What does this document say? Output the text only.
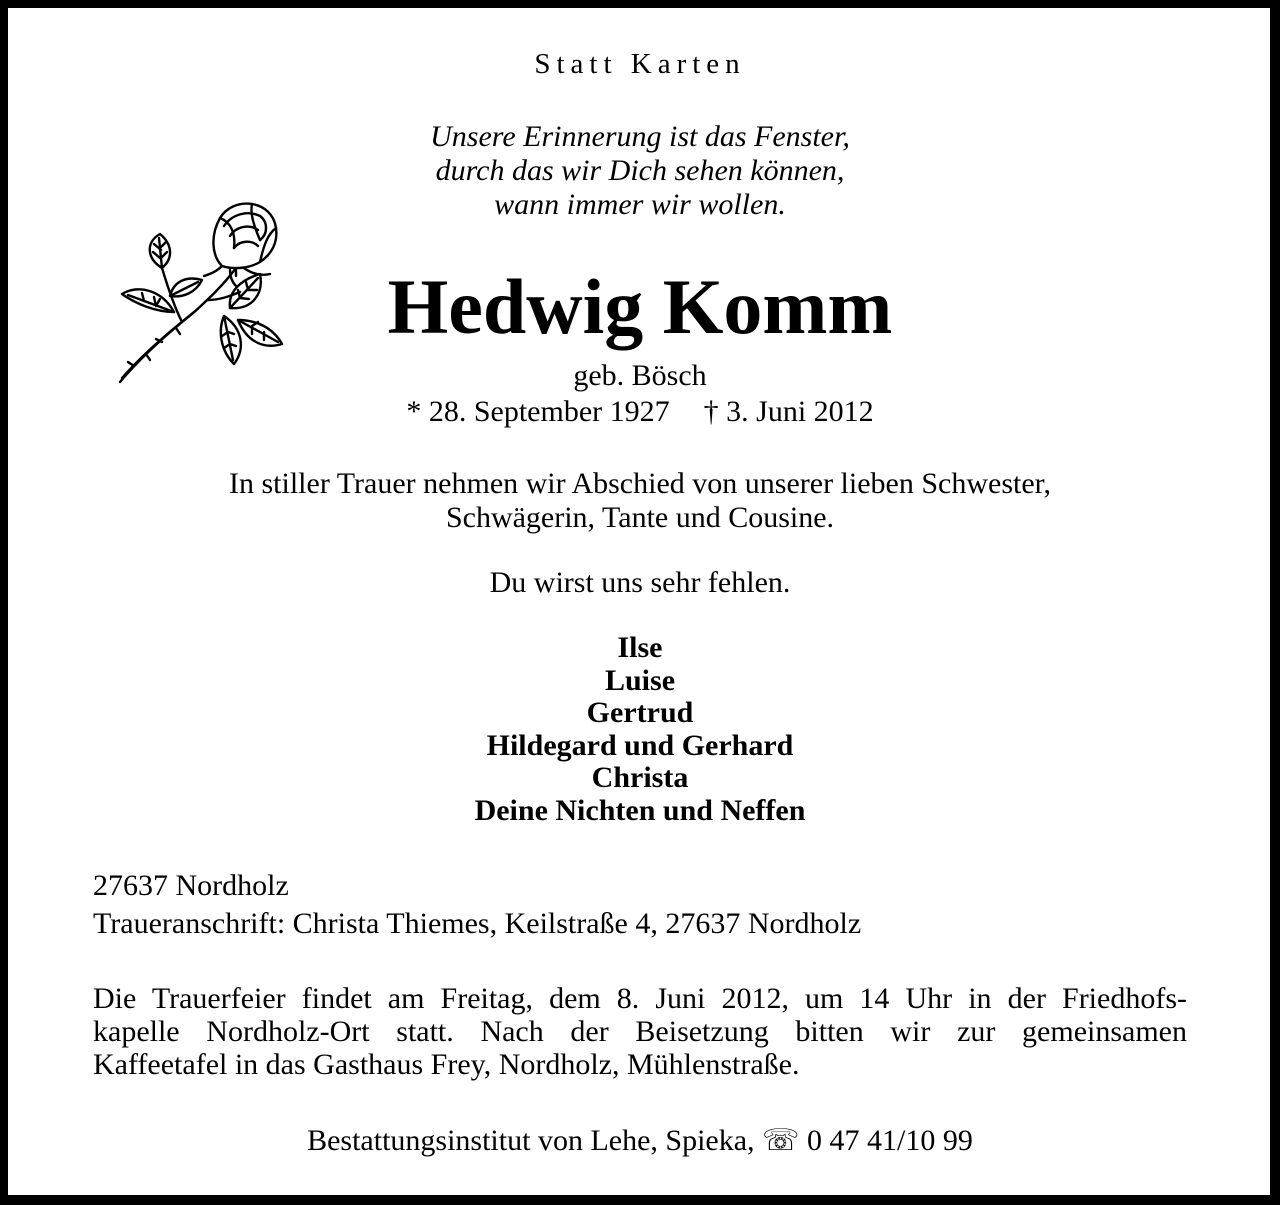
Statt Karten
Unsere Erinnerung ist das Fenster,
durch das wir Dich sehen können,
wann immer wir wollen.
Hedwig Komm
geb. Bösch
* 28. September 1927 † 3. Juni 2012
In stiller Trauer nehmen wir Abschied von unserer lieben Schwester,
Schwägerin, Tante und Cousine.
Du wirst uns sehr fehlen.
Ilse
Luise
Gertrud
Hildegard und Gerhard
Christa
Deine Nichten und Neffen
27637 Nordholz
Traueranschrift: Christa Thiemes, Keilstraße 4, 27637 Nordholz
Die Trauerfeier findet am Freitag, dem 8. Juni 2012, um 14 Uhr in der Friedhofs-
kapelle Nordholz-Ort statt. Nach der Beisetzung bitten wir zur gemeinsamen
Kaffeetafel in das Gasthaus Frey, Nordholz, Mühlenstraße.
Bestattungsinstitut von Lehe, Spieka, ☏ 0 47 41/10 99
